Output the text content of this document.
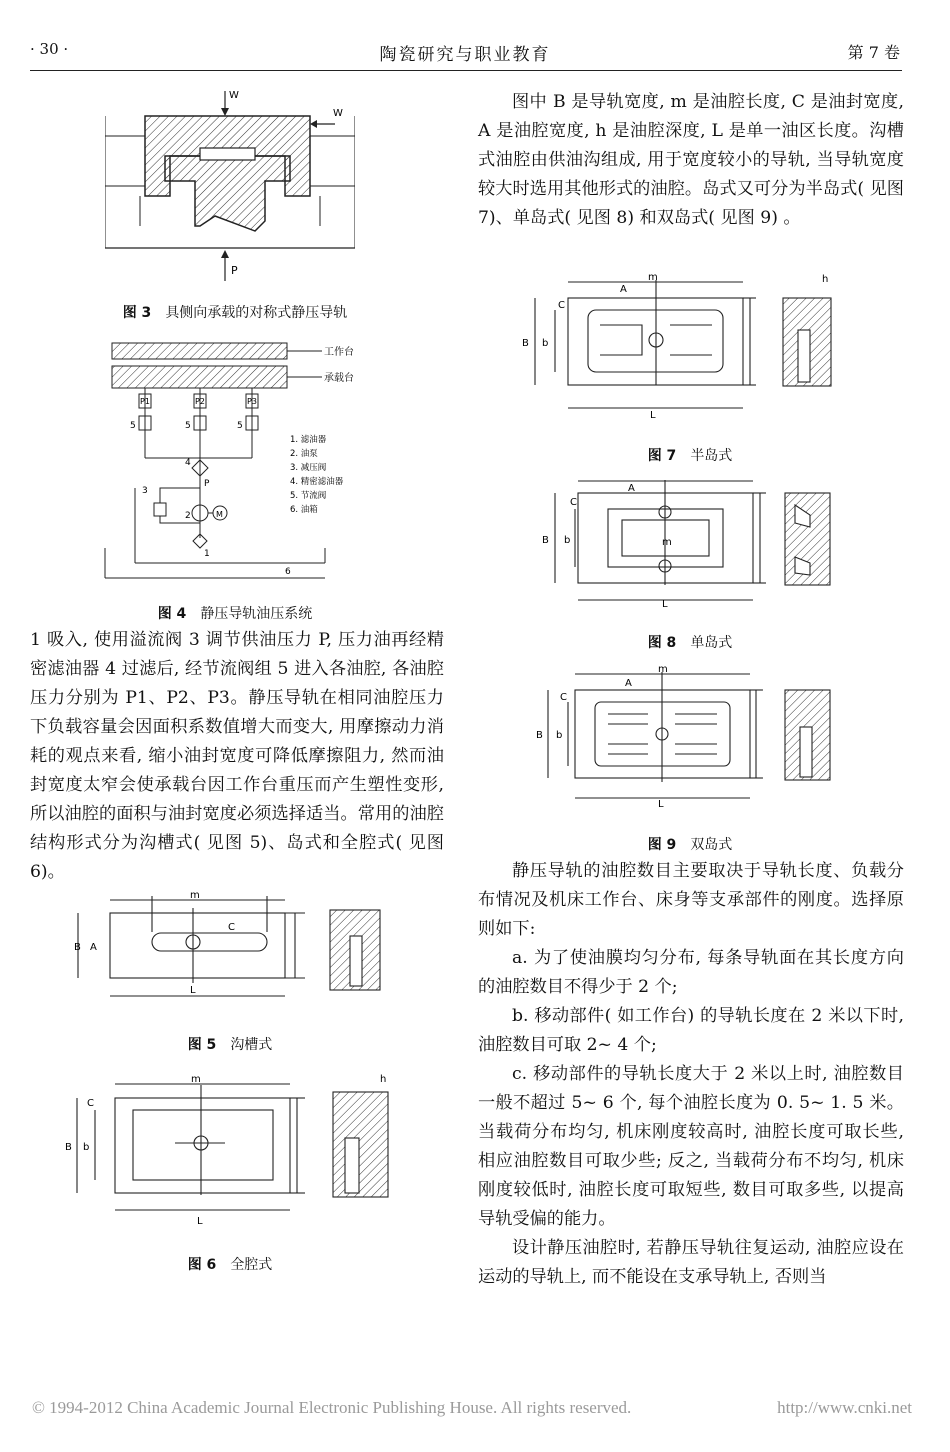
· 30 ·	陶瓷研究与职业教育	第 7 卷
W
W
P
图 3 具侧向承载的对称式静压导轨
工作台
承载台
P1	P2	P3
5	5	5
4
P
3
2	M
1
6
1. 滤油器
2. 油泵
3. 减压阀
4. 精密滤油器
5. 节流阀
6. 油箱
图 4 静压导轨油压系统

1 吸入, 使用溢流阀 3 调节供油压力 P, 压力油再经精密滤油器 4 过滤后, 经节流阀组 5 进入各油腔, 各油腔压力分别为 P1、P2、P3。静压导轨在相同油腔压力下负载容量会因面积系数值增大而变大, 用摩擦动力消耗的观点来看, 缩小油封宽度可降低摩擦阻力, 然而油封宽度太窄会使承载台因工作台重压而产生塑性变形, 所以油腔的面积与油封宽度必须选择适当。常用的油腔结构形式分为沟槽式( 见图 5)、岛式和全腔式( 见图 6)。

m
B A
C
L
图 5 沟槽式
m
C
B b
L
h
图 6 全腔式

图中 B 是导轨宽度, m 是油腔长度, C 是油封宽度, A 是油腔宽度, h 是油腔深度, L 是单一油区长度。沟槽式油腔由供油沟组成, 用于宽度较小的导轨, 当导轨宽度较大时选用其他形式的油腔。岛式又可分为半岛式( 见图 7)、单岛式( 见图 8) 和双岛式( 见图 9) 。

m
C
A
B b
L
h
图 7 半岛式
m
C
A
B b
L
图 8 单岛式
m
C
A
B b
L
图 9 双岛式

静压导轨的油腔数目主要取决于导轨长度、负载分布情况及机床工作台、床身等支承部件的刚度。选择原则如下:

a. 为了使油膜均匀分布, 每条导轨面在其长度方向的油腔数目不得少于 2 个;

b. 移动部件( 如工作台) 的导轨长度在 2 米以下时, 油腔数目可取 2~ 4 个;

c. 移动部件的导轨长度大于 2 米以上时, 油腔数目一般不超过 5~ 6 个, 每个油腔长度为 0. 5~ 1. 5 米。当载荷分布均匀, 机床刚度较高时, 油腔长度可取长些, 相应油腔数目可取少些; 反之, 当载荷分布不均匀, 机床刚度较低时, 油腔长度可取短些, 数目可取多些, 以提高导轨受偏的能力。

设计静压油腔时, 若静压导轨往复运动, 油腔应设在运动的导轨上, 而不能设在支承导轨上, 否则当

© 1994-2012 China Academic Journal Electronic Publishing House. All rights reserved.	http://www.cnki.net
